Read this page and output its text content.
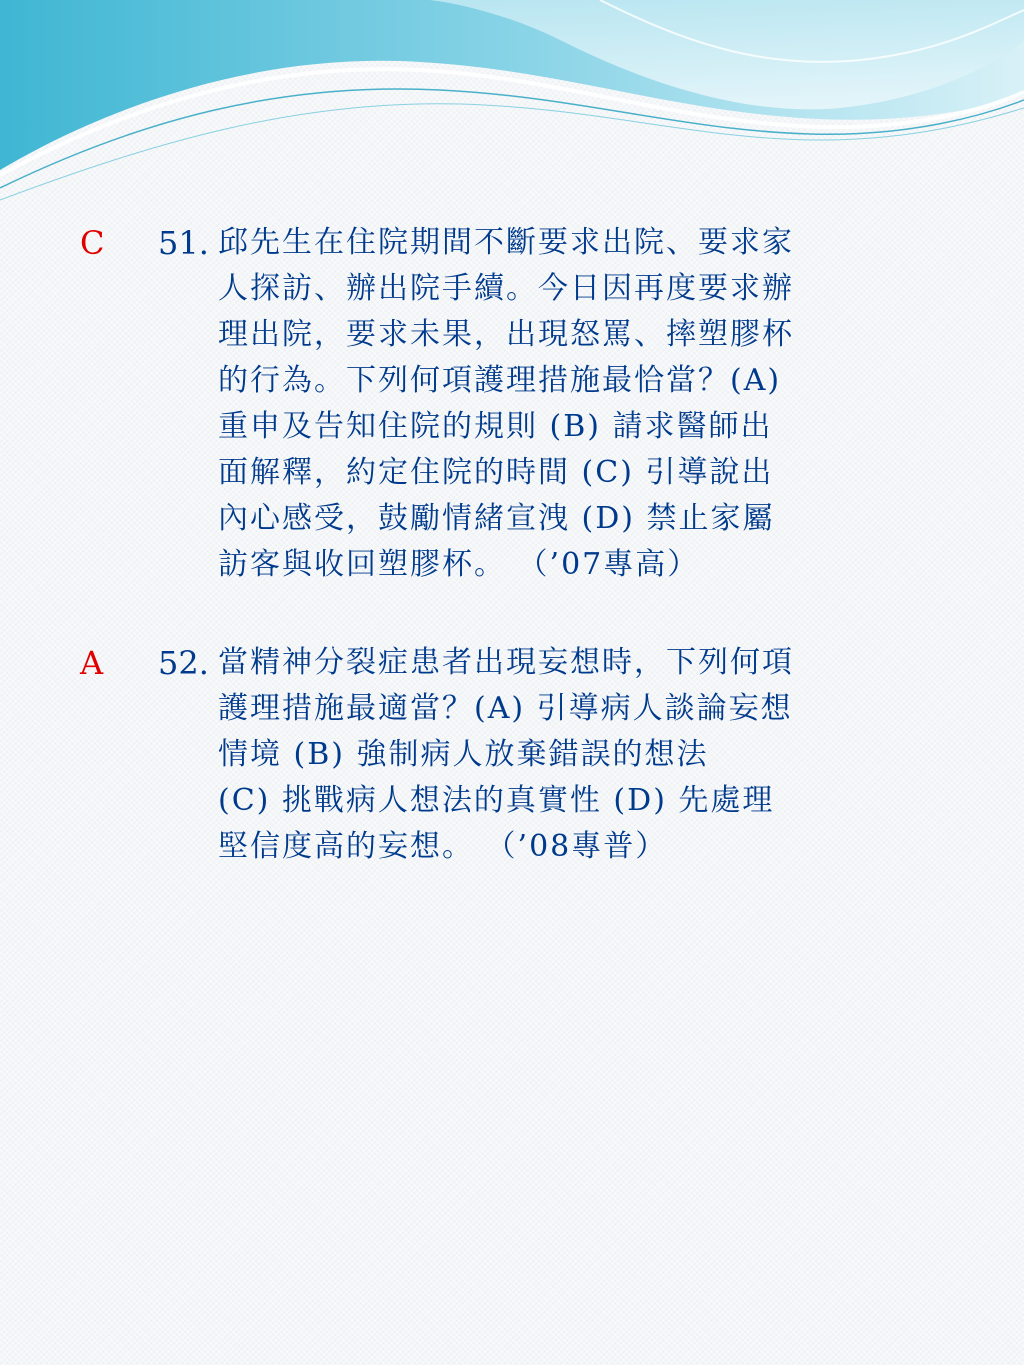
C 51. 邱先生在住院期間不斷要求出院、要求家
人探訪、辦出院手續。今日因再度要求辦
理出院，要求未果，出現怒罵、摔塑膠杯
的行為。下列何項護理措施最恰當？(A)
重申及告知住院的規則 (B) 請求醫師出
面解釋，約定住院的時間 (C) 引導說出
內心感受，鼓勵情緒宣洩 (D) 禁止家屬
訪客與收回塑膠杯。 （’07專高）
A 52. 當精神分裂症患者出現妄想時，下列何項
護理措施最適當？(A) 引導病人談論妄想
情境 (B) 強制病人放棄錯誤的想法
(C) 挑戰病人想法的真實性 (D) 先處理
堅信度高的妄想。 （’08專普）
